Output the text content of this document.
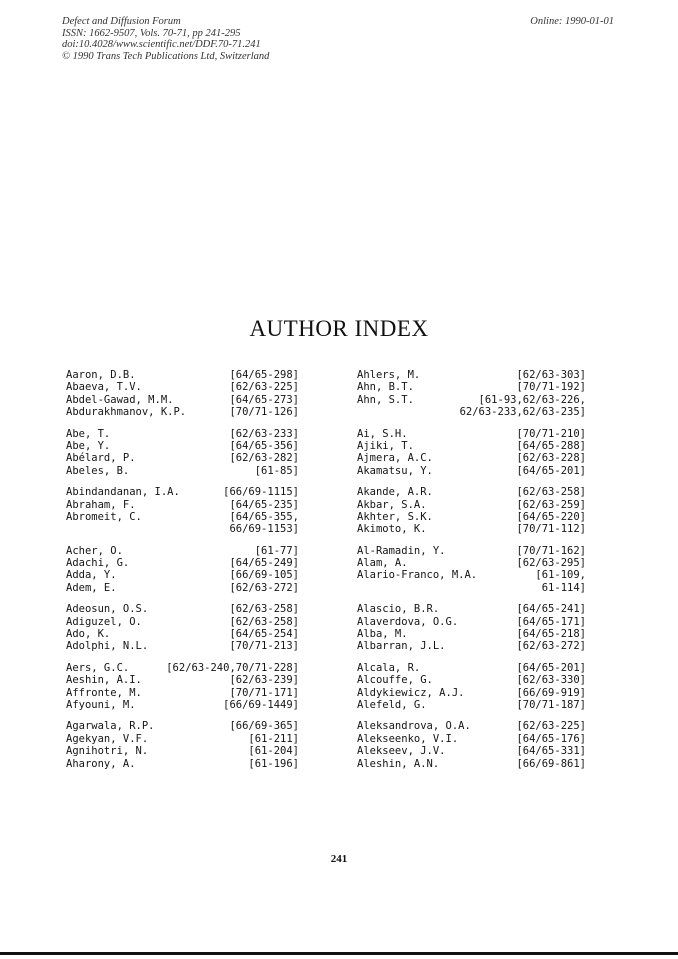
Defect and Diffusion Forum
ISSN: 1662-9507, Vols. 70-71, pp 241-295
doi:10.4028/www.scientific.net/DDF.70-71.241
© 1990 Trans Tech Publications Ltd, Switzerland
Online: 1990-01-01
AUTHOR INDEX
Aaron, D.B.	[64/65-298]
Abaeva, T.V.	[62/63-225]
Abdel-Gawad, M.M.	[64/65-273]
Abdurakhmanov, K.P.	[70/71-126]
Abe, T.	[62/63-233]
Abe, Y.	[64/65-356]
Abélard, P.	[62/63-282]
Abeles, B.	[61-85]
Abindandanan, I.A.	[66/69-1115]
Abraham, F.	[64/65-235]
Abromeit, C.	[64/65-355,
66/69-1153]
Acher, O.	[61-77]
Adachi, G.	[64/65-249]
Adda, Y.	[66/69-105]
Adem, E.	[62/63-272]
Adeosun, O.S.	[62/63-258]
Adiguzel, O.	[62/63-258]
Ado, K.	[64/65-254]
Adolphi, N.L.	[70/71-213]
Aers, G.C.	[62/63-240,70/71-228]
Aeshin, A.I.	[62/63-239]
Affronte, M.	[70/71-171]
Afyouni, M.	[66/69-1449]
Agarwala, R.P.	[66/69-365]
Agekyan, V.F.	[61-211]
Agnihotri, N.	[61-204]
Aharony, A.	[61-196]
Ahlers, M.	[62/63-303]
Ahn, B.T.	[70/71-192]
Ahn, S.T.	[61-93,62/63-226,
62/63-233,62/63-235]
Ai, S.H.	[70/71-210]
Ajiki, T.	[64/65-288]
Ajmera, A.C.	[62/63-228]
Akamatsu, Y.	[64/65-201]
Akande, A.R.	[62/63-258]
Akbar, S.A.	[62/63-259]
Akhter, S.K.	[64/65-220]
Akimoto, K.	[70/71-112]
Al-Ramadin, Y.	[70/71-162]
Alam, A.	[62/63-295]
Alario-Franco, M.A.	[61-109,
61-114]
Alascio, B.R.	[64/65-241]
Alaverdova, O.G.	[64/65-171]
Alba, M.	[64/65-218]
Albarran, J.L.	[62/63-272]
Alcala, R.	[64/65-201]
Alcouffe, G.	[62/63-330]
Aldykiewicz, A.J.	[66/69-919]
Alefeld, G.	[70/71-187]
Aleksandrova, O.A.	[62/63-225]
Alekseenko, V.I.	[64/65-176]
Alekseev, J.V.	[64/65-331]
Aleshin, A.N.	[66/69-861]
241
